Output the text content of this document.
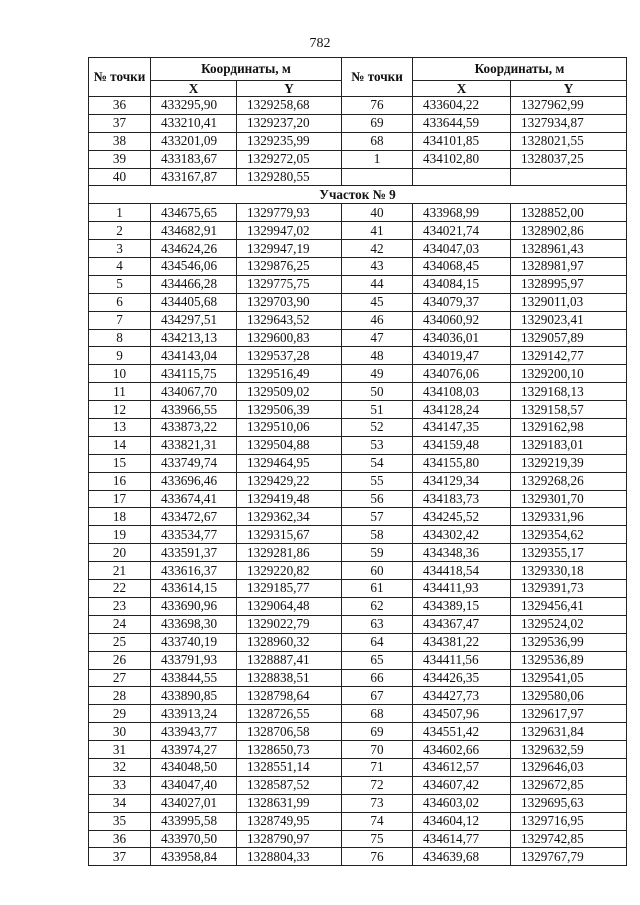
782
№ точки	Координаты, м		№ точки	Координаты, м	
	X	Y		X	Y
36	433295,90	1329258,68	76	433604,22	1327962,99
37	433210,41	1329237,20	69	433644,59	1327934,87
38	433201,09	1329235,99	68	434101,85	1328021,55
39	433183,67	1329272,05	1	434102,80	1328037,25
40	433167,87	1329280,55			
Участок № 9					
1	434675,65	1329779,93	40	433968,99	1328852,00
2	434682,91	1329947,02	41	434021,74	1328902,86
3	434624,26	1329947,19	42	434047,03	1328961,43
4	434546,06	1329876,25	43	434068,45	1328981,97
5	434466,28	1329775,75	44	434084,15	1328995,97
6	434405,68	1329703,90	45	434079,37	1329011,03
7	434297,51	1329643,52	46	434060,92	1329023,41
8	434213,13	1329600,83	47	434036,01	1329057,89
9	434143,04	1329537,28	48	434019,47	1329142,77
10	434115,75	1329516,49	49	434076,06	1329200,10
11	434067,70	1329509,02	50	434108,03	1329168,13
12	433966,55	1329506,39	51	434128,24	1329158,57
13	433873,22	1329510,06	52	434147,35	1329162,98
14	433821,31	1329504,88	53	434159,48	1329183,01
15	433749,74	1329464,95	54	434155,80	1329219,39
16	433696,46	1329429,22	55	434129,34	1329268,26
17	433674,41	1329419,48	56	434183,73	1329301,70
18	433472,67	1329362,34	57	434245,52	1329331,96
19	433534,77	1329315,67	58	434302,42	1329354,62
20	433591,37	1329281,86	59	434348,36	1329355,17
21	433616,37	1329220,82	60	434418,54	1329330,18
22	433614,15	1329185,77	61	434411,93	1329391,73
23	433690,96	1329064,48	62	434389,15	1329456,41
24	433698,30	1329022,79	63	434367,47	1329524,02
25	433740,19	1328960,32	64	434381,22	1329536,99
26	433791,93	1328887,41	65	434411,56	1329536,89
27	433844,55	1328838,51	66	434426,35	1329541,05
28	433890,85	1328798,64	67	434427,73	1329580,06
29	433913,24	1328726,55	68	434507,96	1329617,97
30	433943,77	1328706,58	69	434551,42	1329631,84
31	433974,27	1328650,73	70	434602,66	1329632,59
32	434048,50	1328551,14	71	434612,57	1329646,03
33	434047,40	1328587,52	72	434607,42	1329672,85
34	434027,01	1328631,99	73	434603,02	1329695,63
35	433995,58	1328749,95	74	434604,12	1329716,95
36	433970,50	1328790,97	75	434614,77	1329742,85
37	433958,84	1328804,33	76	434639,68	1329767,79
